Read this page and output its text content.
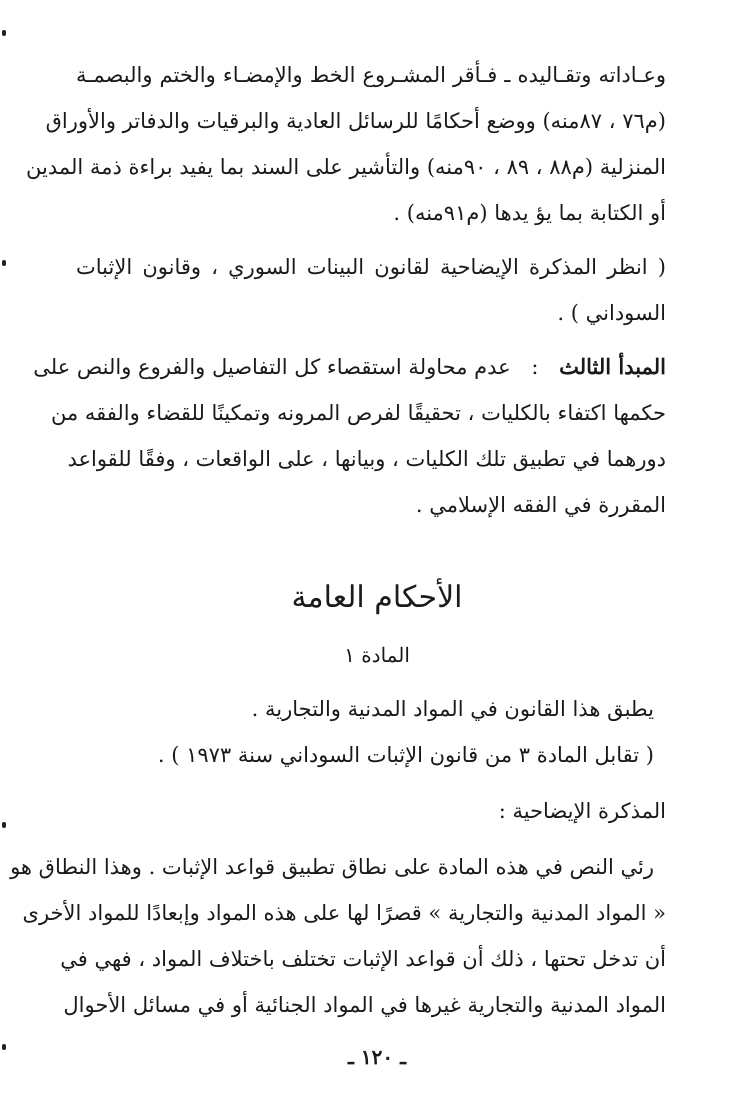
وعـاداته وتقـاليده ـ فـأقر المشـروع الخط والإمضـاء والختم والبصمـة
(م٧٦ ، ٨٧منه) ووضع أحكامًا للرسائل العادية والبرقيات والدفاتر والأوراق
المنزلية (م٨٨ ، ٨٩ ، ٩٠منه) والتأشير على السند بما يفيد براءة ذمة المدين
أو الكتابة بما يؤ يدها (م٩١منه) .
( انظر المذكرة الإيضاحية لقانون البينات السوري ، وقانون الإثبات
السوداني ) .
المبدأ الثالث : عدم محاولة استقصاء كل التفاصيل والفروع والنص على
حكمها اكتفاء بالكليات ، تحقيقًا لفرص المرونه وتمكينًا للقضاء والفقه من
دورهما في تطبيق تلك الكليات ، وبيانها ، على الواقعات ، وفقًا للقواعد
المقررة في الفقه الإسلامي .
الأحكام العامة
المادة ١
يطبق هذا القانون في المواد المدنية والتجارية .
( تقابل المادة ٣ من قانون الإثبات السوداني سنة ١٩٧٣ ) .
المذكرة الإيضاحية :
رئي النص في هذه المادة على نطاق تطبيق قواعد الإثبات . وهذا النطاق هو
« المواد المدنية والتجارية » قصرًا لها على هذه المواد وإبعادًا للمواد الأخرى
أن تدخل تحتها ، ذلك أن قواعد الإثبات تختلف باختلاف المواد ، فهي في
المواد المدنية والتجارية غيرها في المواد الجنائية أو في مسائل الأحوال
ـ ١٢٠ ـ
